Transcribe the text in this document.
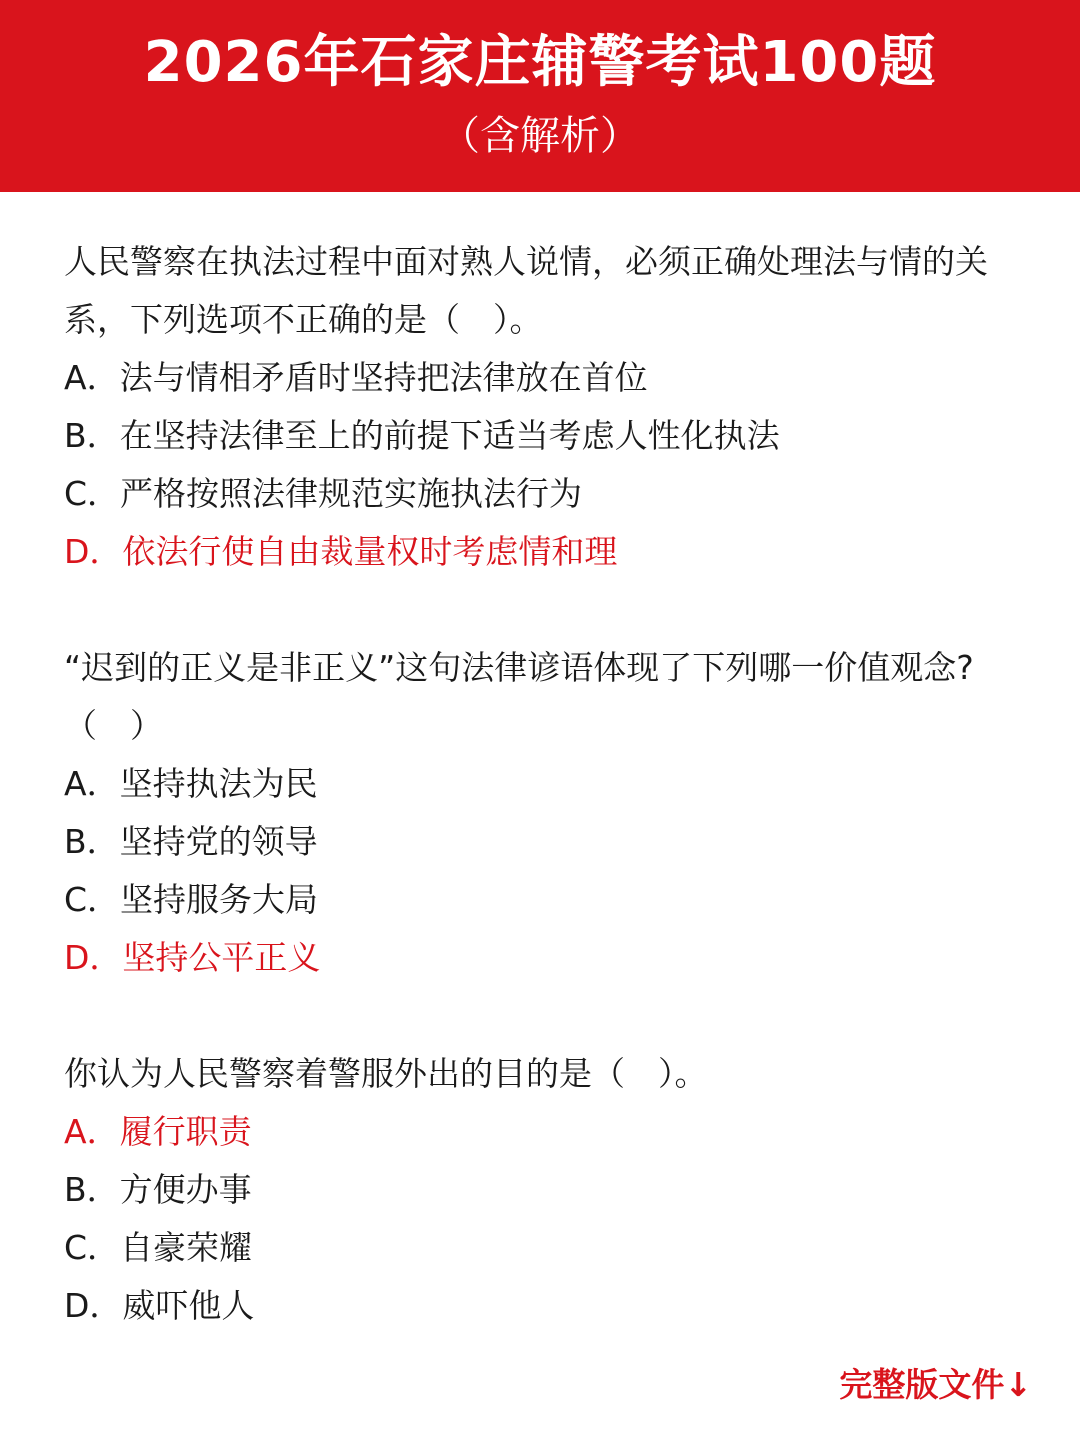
2026年石家庄辅警考试100题
（含解析）

人民警察在执法过程中面对熟人说情，必须正确处理法与情的关系，下列选项不正确的是（　）。

A．法与情相矛盾时坚持把法律放在首位

B．在坚持法律至上的前提下适当考虑人性化执法

C．严格按照法律规范实施执法行为

D．依法行使自由裁量权时考虑情和理

“迟到的正义是非正义”这句法律谚语体现了下列哪一价值观念?（　）

A．坚持执法为民

B．坚持党的领导

C．坚持服务大局

D．坚持公平正义

你认为人民警察着警服外出的目的是（　）。

A．履行职责

B．方便办事

C．自豪荣耀

D．威吓他人

完整版文件↓
